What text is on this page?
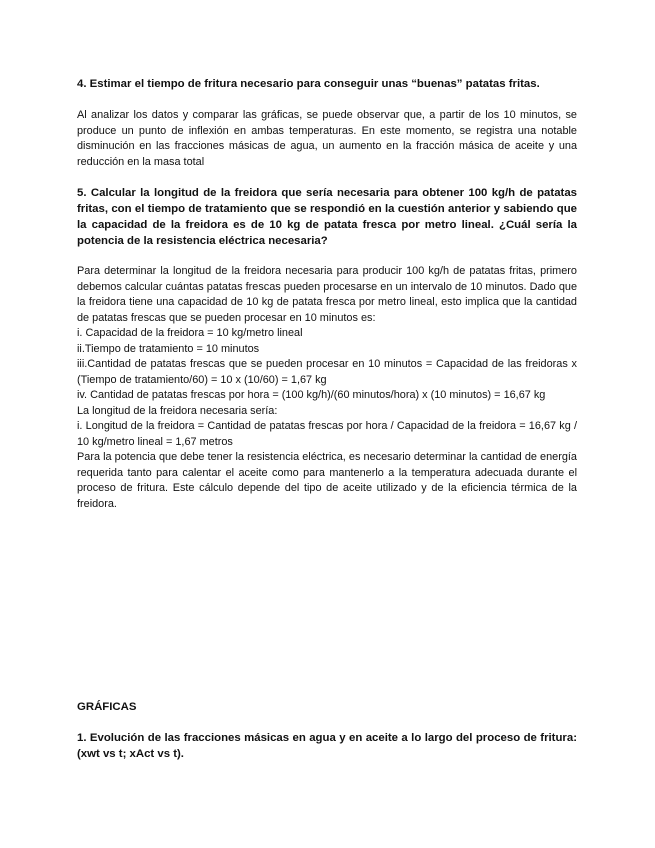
4. Estimar el tiempo de fritura necesario para conseguir unas “buenas” patatas fritas.

Al analizar los datos y comparar las gráficas, se puede observar que, a partir de los 10 minutos, se produce un punto de inflexión en ambas temperaturas. En este momento, se registra una notable disminución en las fracciones másicas de agua, un aumento en la fracción másica de aceite y una reducción en la masa total

5. Calcular la longitud de la freidora que sería necesaria para obtener 100 kg/h de patatas fritas, con el tiempo de tratamiento que se respondió en la cuestión anterior y sabiendo que la capacidad de la freidora es de 10 kg de patata fresca por metro lineal. ¿Cuál sería la potencia de la resistencia eléctrica necesaria?

Para determinar la longitud de la freidora necesaria para producir 100 kg/h de patatas fritas, primero debemos calcular cuántas patatas frescas pueden procesarse en un intervalo de 10 minutos. Dado que la freidora tiene una capacidad de 10 kg de patata fresca por metro lineal, esto implica que la cantidad de patatas frescas que se pueden procesar en 10 minutos es:

i. Capacidad de la freidora = 10 kg/metro lineal
ii.Tiempo de tratamiento = 10 minutos

iii.Cantidad de patatas frescas que se pueden procesar en 10 minutos = Capacidad de las freidoras x (Tiempo de tratamiento/60) = 10 x (10/60) = 1,67 kg

iv. Cantidad de patatas frescas por hora = (100 kg/h)/(60 minutos/hora) x (10 minutos) = 16,67 kg

La longitud de la freidora necesaria sería:

i. Longitud de la freidora = Cantidad de patatas frescas por hora / Capacidad de la freidora = 16,67 kg / 10 kg/metro lineal = 1,67 metros

Para la potencia que debe tener la resistencia eléctrica, es necesario determinar la cantidad de energía requerida tanto para calentar el aceite como para mantenerlo a la temperatura adecuada durante el proceso de fritura. Este cálculo depende del tipo de aceite utilizado y de la eficiencia térmica de la freidora.

GRÁFICAS

1. Evolución de las fracciones másicas en agua y en aceite a lo largo del proceso de fritura: (xwt vs t; xAct vs t).
